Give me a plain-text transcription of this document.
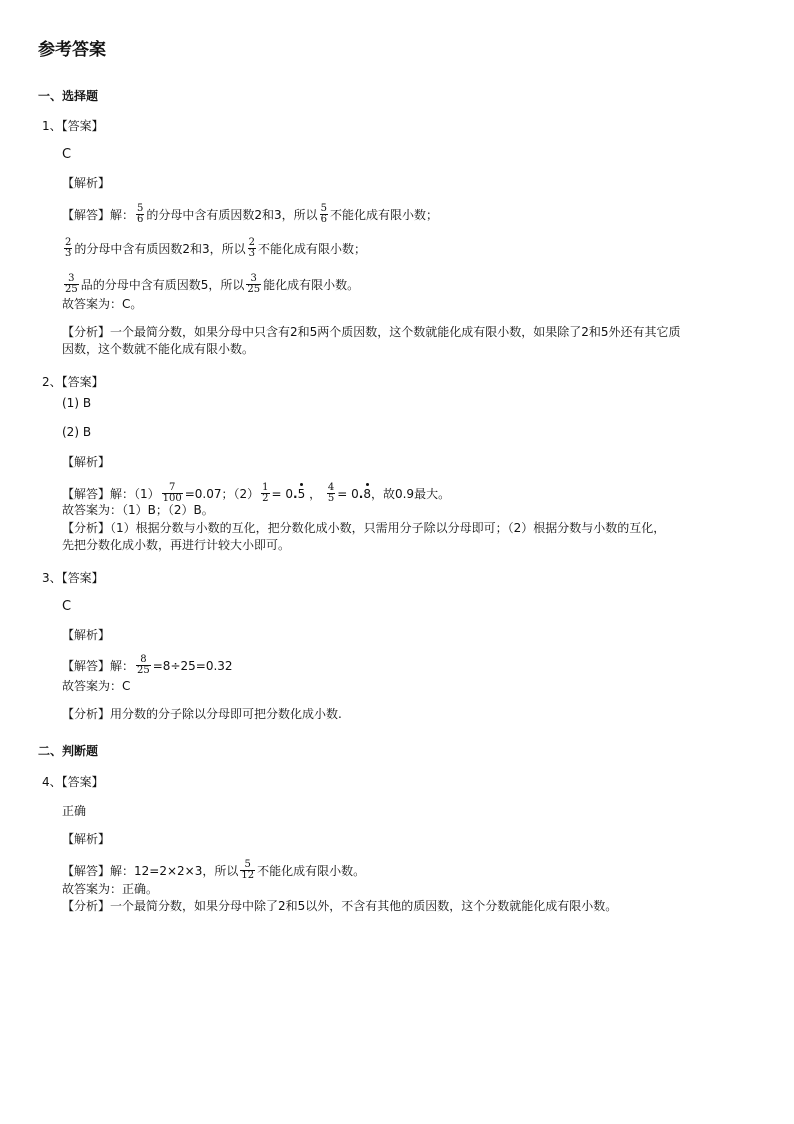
参考答案
一、选择题
1、【答案】
C
【解析】
【解答】解： $\frac{5}{6}$ 的分母中含有质因数2和3，所以 $\frac{5}{6}$ 不能化成有限小数；
$\frac{2}{3}$ 的分母中含有质因数2和3，所以 $\frac{2}{3}$ 不能化成有限小数；
$\frac{3}{25}$ 品的分母中含有质因数5，所以 $\frac{3}{25}$ 能化成有限小数。
故答案为：C。
【分析】一个最简分数，如果分母中只含有2和5两个质因数，这个数就能化成有限小数，如果除了2和5外还有其它质
因数，这个数就不能化成有限小数。
2、【答案】
(1) B
(2) B
【解析】
【解答】解：$(1) \frac{7}{100} =0.07$；$(2) \frac{1}{2} = 0.5$ ， $\frac{4}{5} = 0.8$，故0.9最大。
故答案为：（1）B；（2）B。
【分析】（1）根据分数与小数的互化，把分数化成小数，只需用分子除以分母即可；（2）根据分数与小数的互化，
先把分数化成小数，再进行计较大小即可。
3、【答案】
C
【解析】
【解答】解： $\frac{8}{25} =8\div 25=0.32$
故答案为：C
【分析】用分数的分子除以分母即可把分数化成小数.
二、判断题
4、【答案】
正确
【解析】
【解答】解：12=2×2×3，所以 $\frac{5}{12}$ 不能化成有限小数。
故答案为：正确。
【分析】一个最简分数，如果分母中除了2和5以外，不含有其他的质因数，这个分数就能化成有限小数。
